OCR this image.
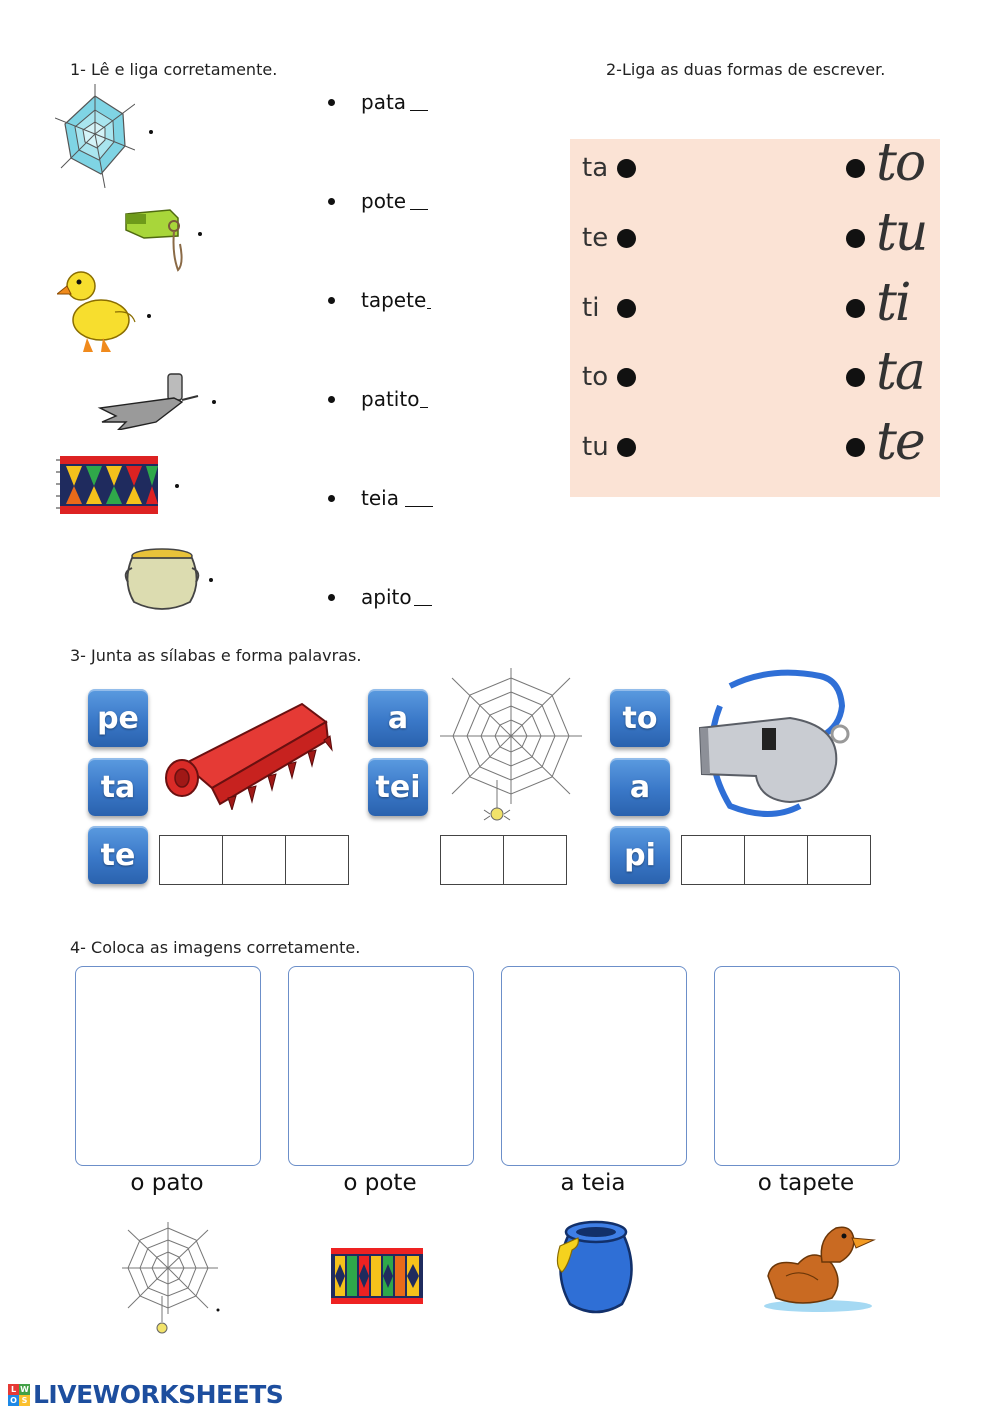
1- Lê e liga corretamente.
pata
pote
tapete
patito
teia
apito
2-Liga as duas formas de escrever.
ta	to
te	tu
ti	ti
to	ta
tu	te
3- Junta as sílabas e forma palavras.
pe
ta
te
a
tei
to
a
pi
4- Coloca as imagens corretamente.
o pato	o pote	a teia	o tapete
L W
O S LIVEWORKSHEETS
